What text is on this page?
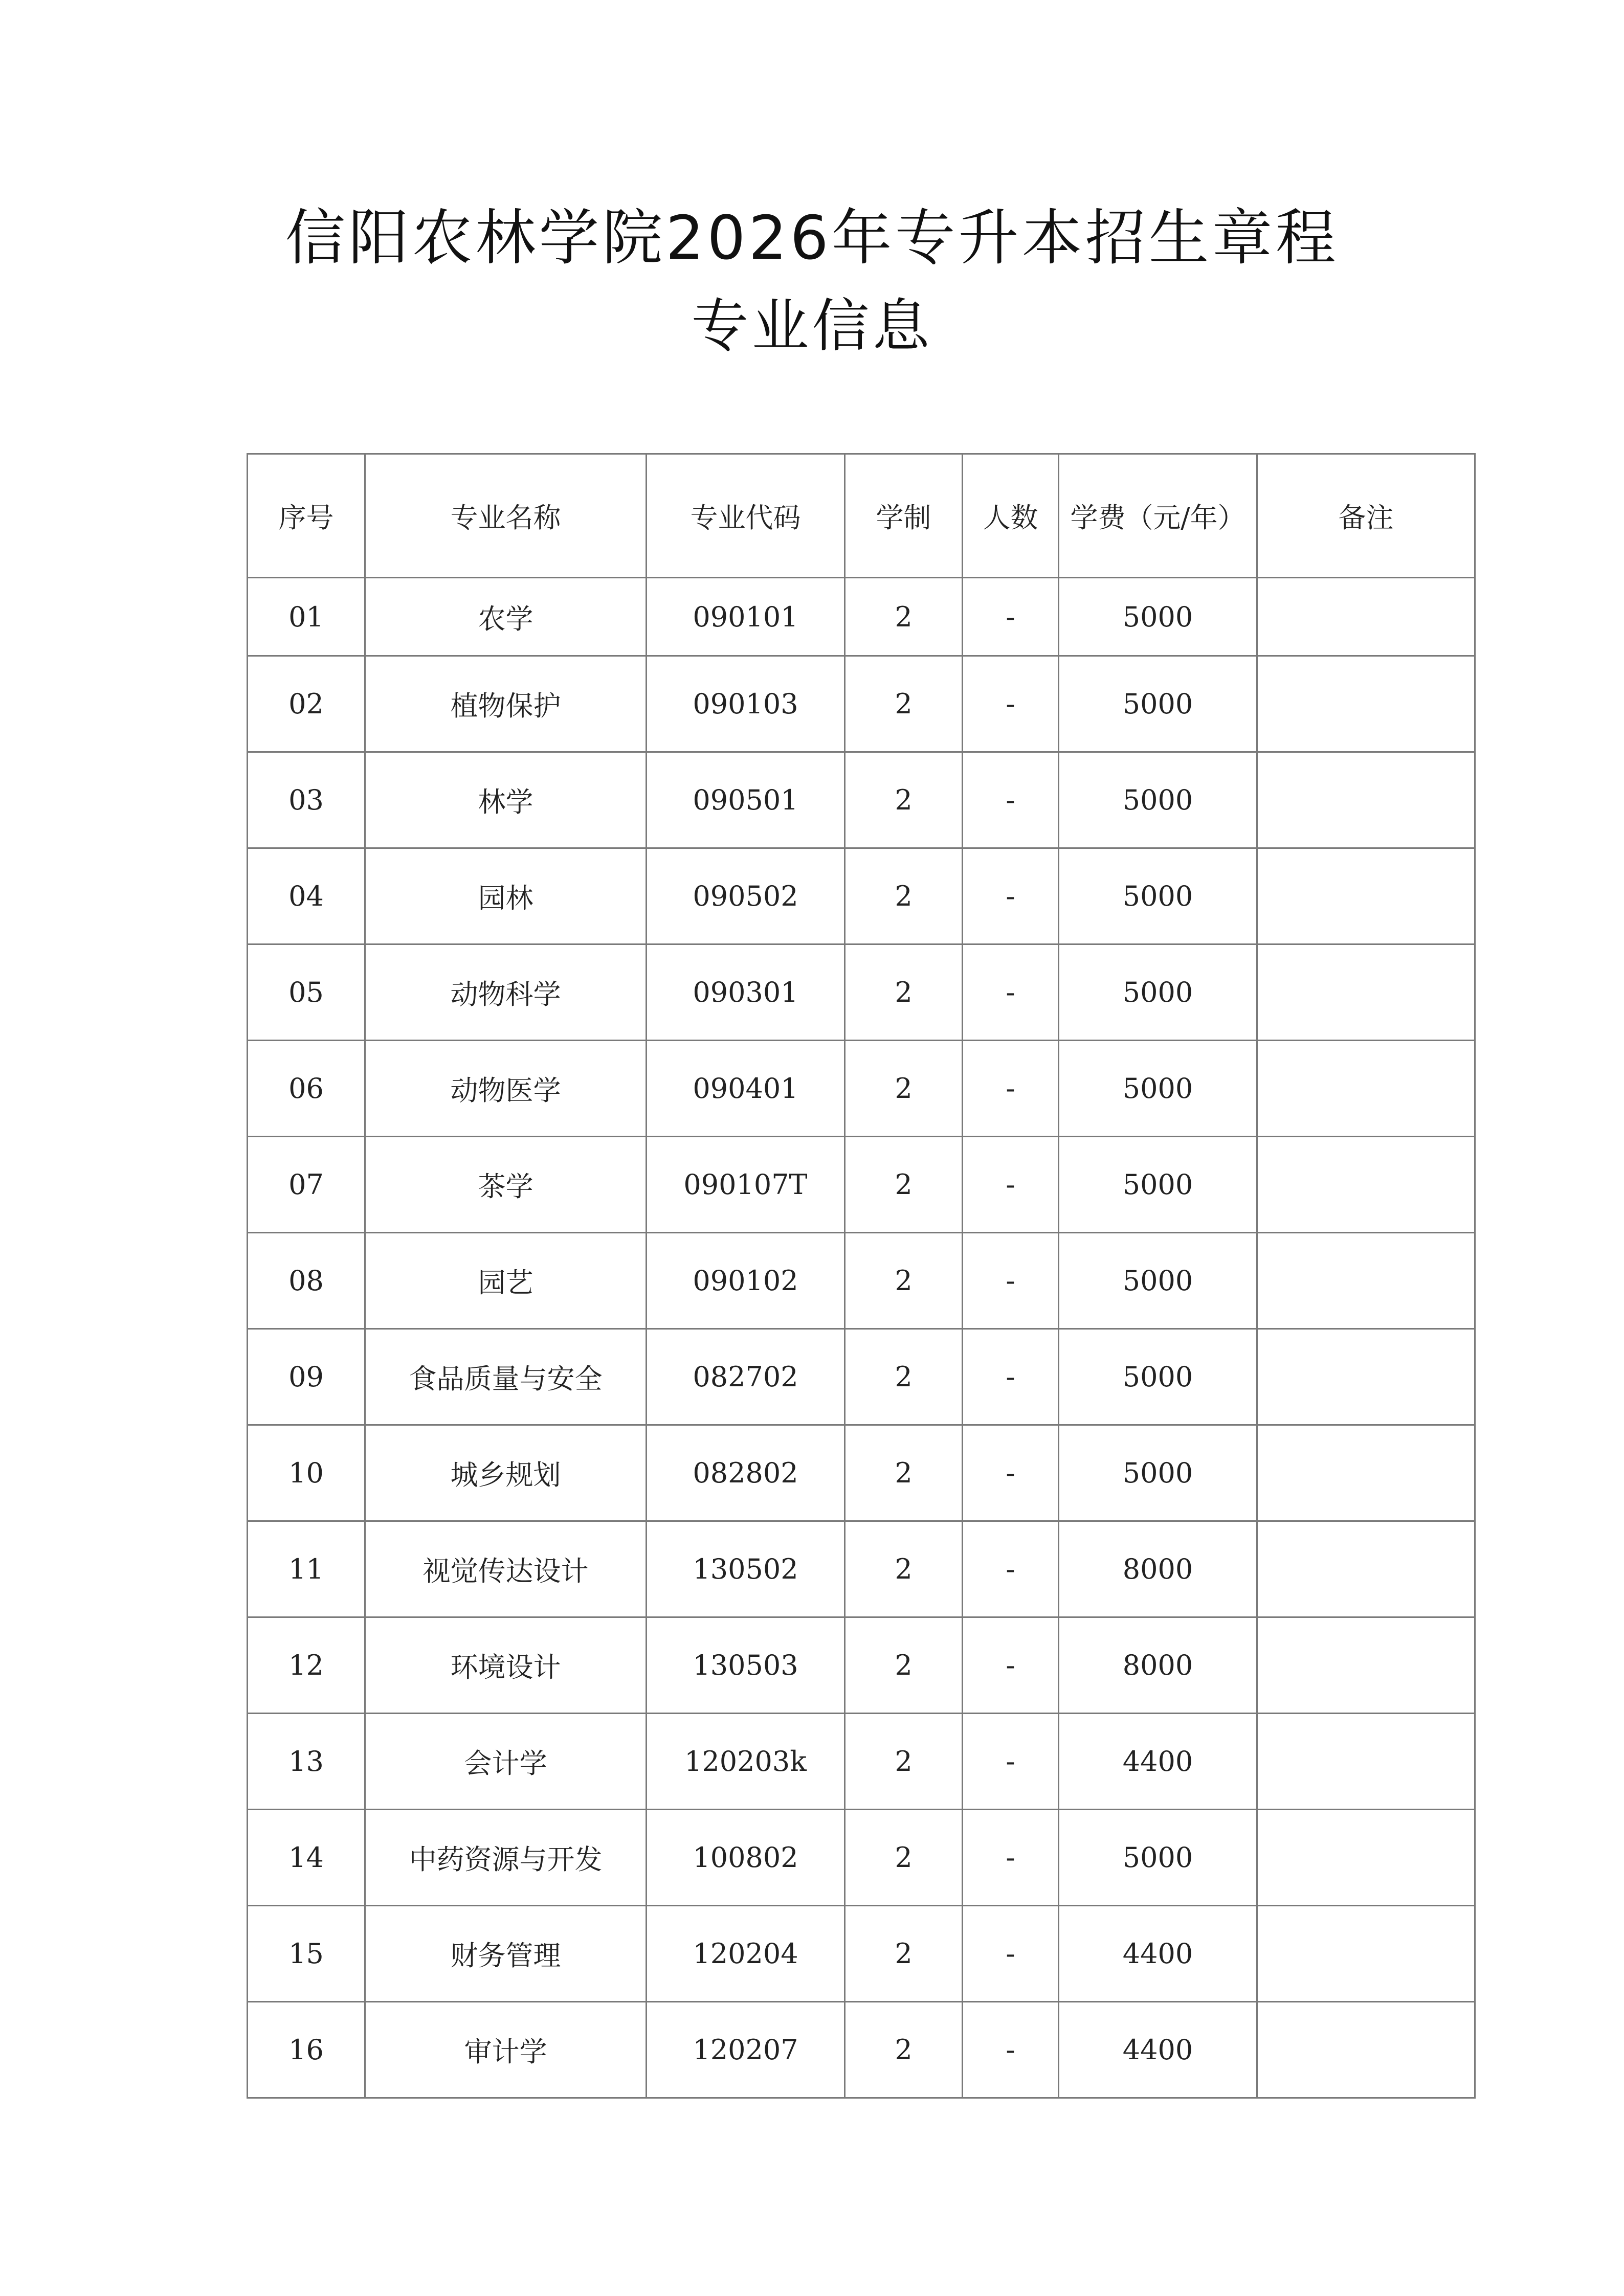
信阳农林学院2026年专升本招生章程
专业信息
序号	专业名称	专业代码	学制	人数	学费（元/年）	备注
01	农学	090101	2	-	5000	
02	植物保护	090103	2	-	5000	
03	林学	090501	2	-	5000	
04	园林	090502	2	-	5000	
05	动物科学	090301	2	-	5000	
06	动物医学	090401	2	-	5000	
07	茶学	090107T	2	-	5000	
08	园艺	090102	2	-	5000	
09	食品质量与安全	082702	2	-	5000	
10	城乡规划	082802	2	-	5000	
11	视觉传达设计	130502	2	-	8000	
12	环境设计	130503	2	-	8000	
13	会计学	120203k	2	-	4400	
14	中药资源与开发	100802	2	-	5000	
15	财务管理	120204	2	-	4400	
16	审计学	120207	2	-	4400	
